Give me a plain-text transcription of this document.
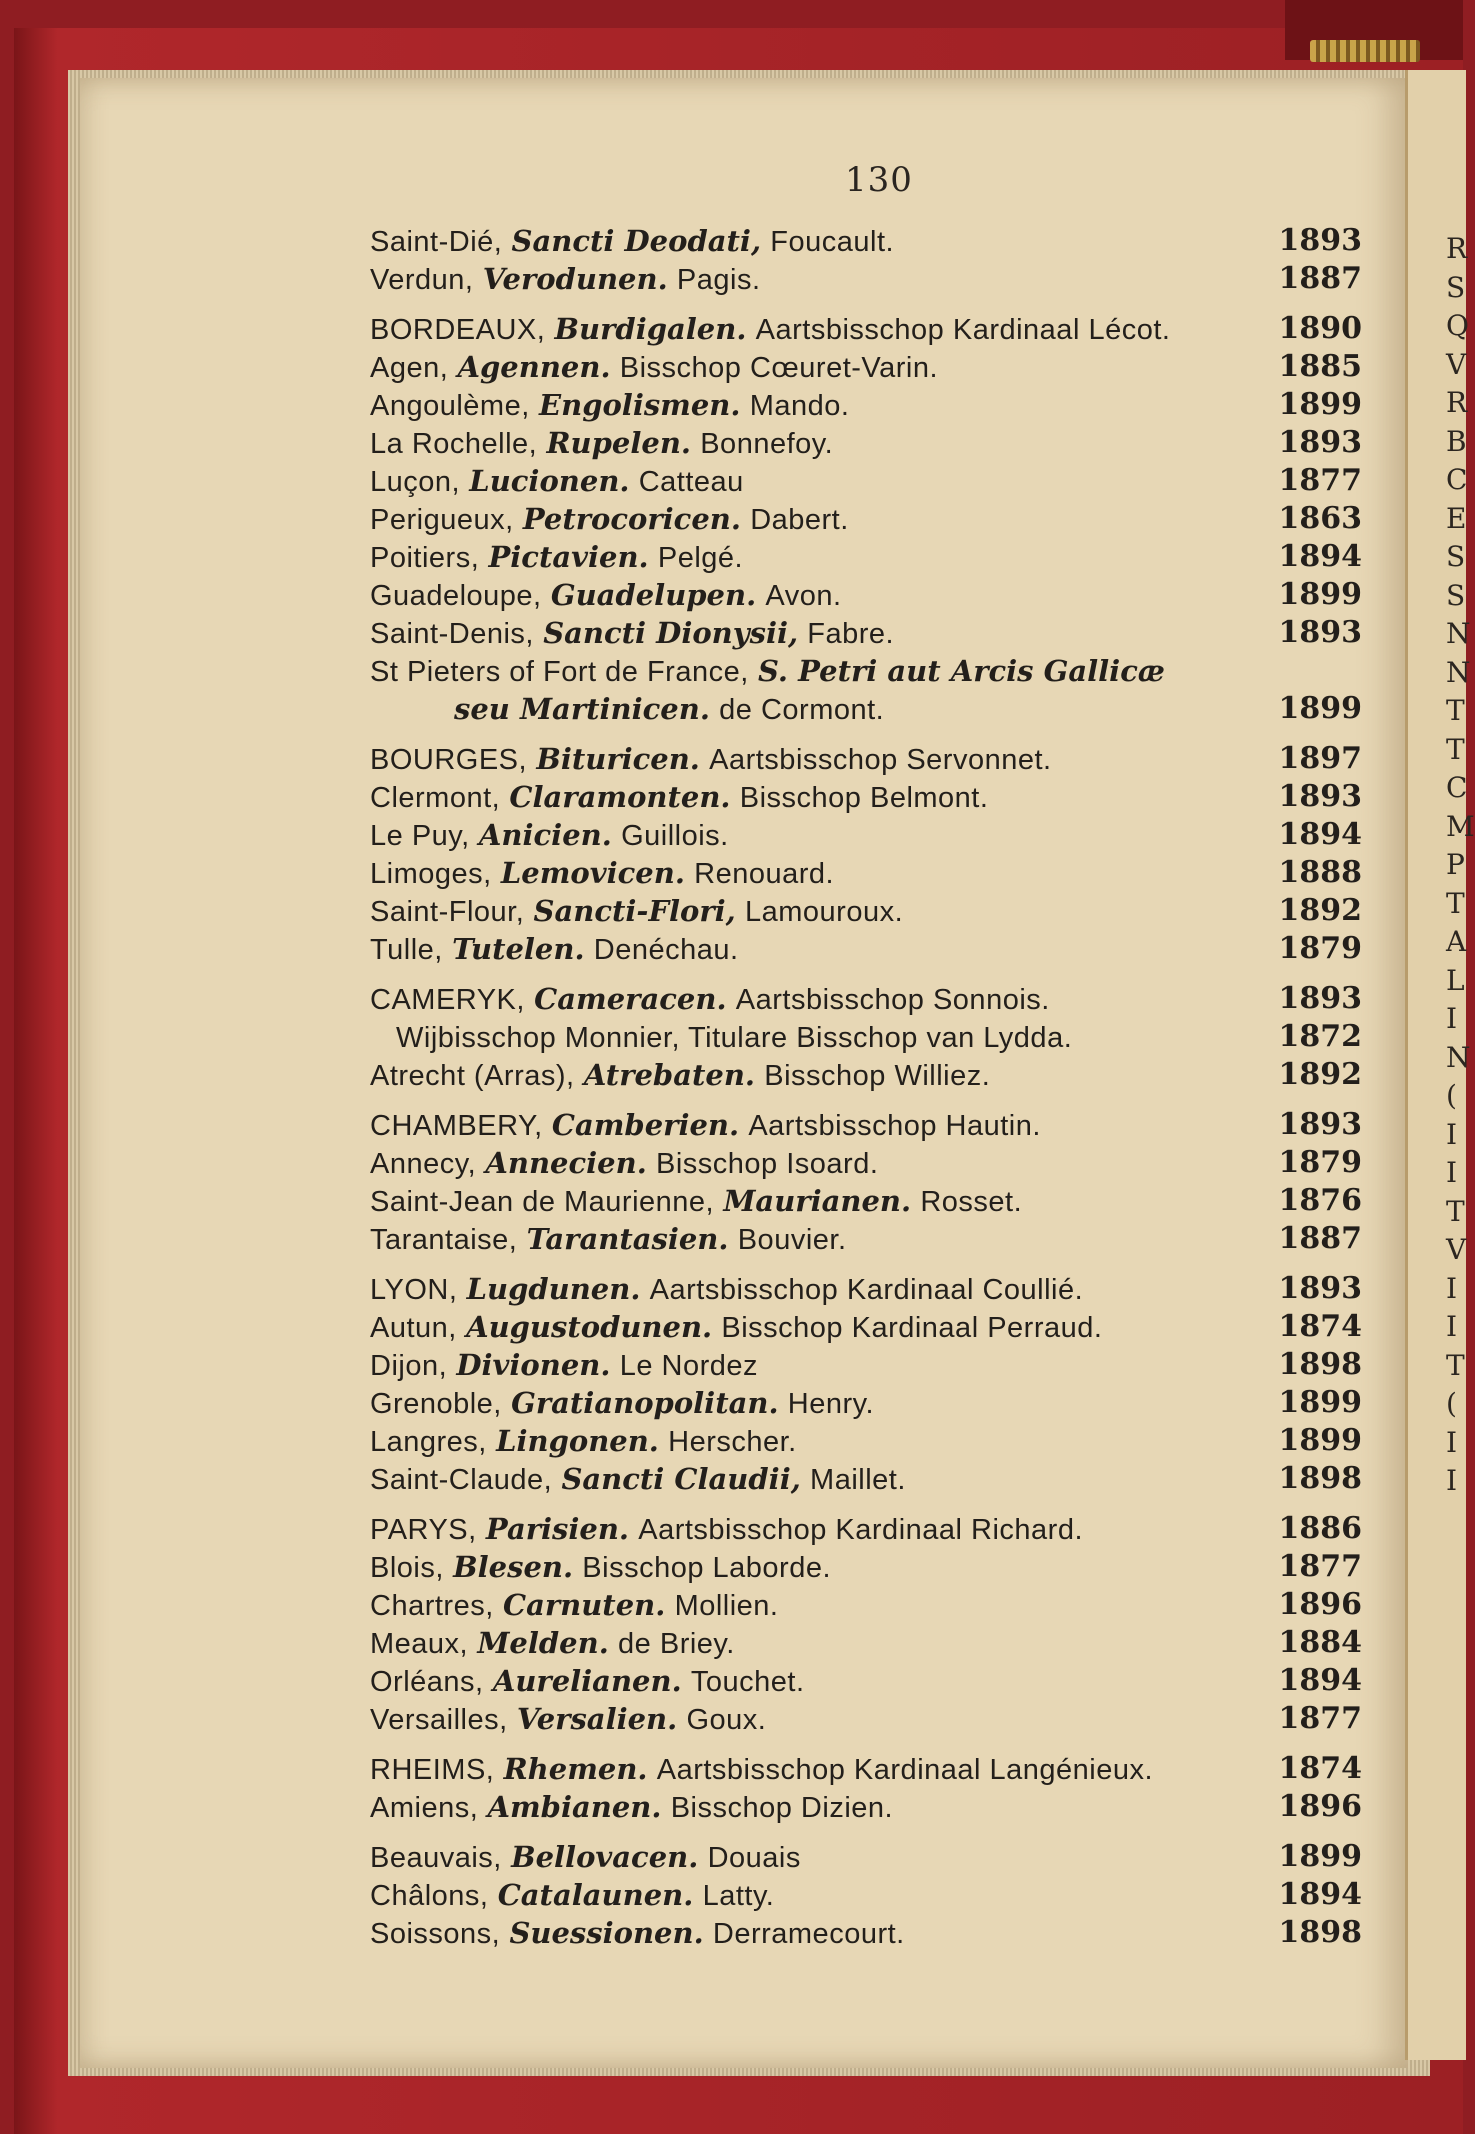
R
S
Q
V
R
B
C
E
S
S
N
N
T
T
C
M
P
T
A
L
I
N
(
I
I
T
V
I
I
T
(
I
I
130
Saint-Dié, Sancti Deodati, Foucault.	1893
Verdun, Verodunen. Pagis.	1887
BORDEAUX, Burdigalen. Aartsbisschop Kardinaal Lécot.	1890
Agen, Agennen. Bisschop Cœuret-Varin.	1885
Angoulème, Engolismen. Mando.	1899
La Rochelle, Rupelen. Bonnefoy.	1893
Luçon, Lucionen. Catteau	1877
Perigueux, Petrocoricen. Dabert.	1863
Poitiers, Pictavien. Pelgé.	1894
Guadeloupe, Guadelupen. Avon.	1899
Saint-Denis, Sancti Dionysii, Fabre.	1893
St Pieters of Fort de France, S. Petri aut Arcis Gallicæ
seu Martinicen. de Cormont.	1899
BOURGES, Bituricen. Aartsbisschop Servonnet.	1897
Clermont, Claramonten. Bisschop Belmont.	1893
Le Puy, Anicien. Guillois.	1894
Limoges, Lemovicen. Renouard.	1888
Saint-Flour, Sancti-Flori, Lamouroux.	1892
Tulle, Tutelen. Denéchau.	1879
CAMERYK, Cameracen. Aartsbisschop Sonnois.	1893
Wijbisschop Monnier, Titulare Bisschop van Lydda.	1872
Atrecht (Arras), Atrebaten. Bisschop Williez.	1892
CHAMBERY, Camberien. Aartsbisschop Hautin.	1893
Annecy, Annecien. Bisschop Isoard.	1879
Saint-Jean de Maurienne, Maurianen. Rosset.	1876
Tarantaise, Tarantasien. Bouvier.	1887
LYON, Lugdunen. Aartsbisschop Kardinaal Coullié.	1893
Autun, Augustodunen. Bisschop Kardinaal Perraud.	1874
Dijon, Divionen. Le Nordez	1898
Grenoble, Gratianopolitan. Henry.	1899
Langres, Lingonen. Herscher.	1899
Saint-Claude, Sancti Claudii, Maillet.	1898
PARYS, Parisien. Aartsbisschop Kardinaal Richard.	1886
Blois, Blesen. Bisschop Laborde.	1877
Chartres, Carnuten. Mollien.	1896
Meaux, Melden. de Briey.	1884
Orléans, Aurelianen. Touchet.	1894
Versailles, Versalien. Goux.	1877
RHEIMS, Rhemen. Aartsbisschop Kardinaal Langénieux.	1874
Amiens, Ambianen. Bisschop Dizien.	1896
Beauvais, Bellovacen. Douais	1899
Châlons, Catalaunen. Latty.	1894
Soissons, Suessionen. Derramecourt.	1898
